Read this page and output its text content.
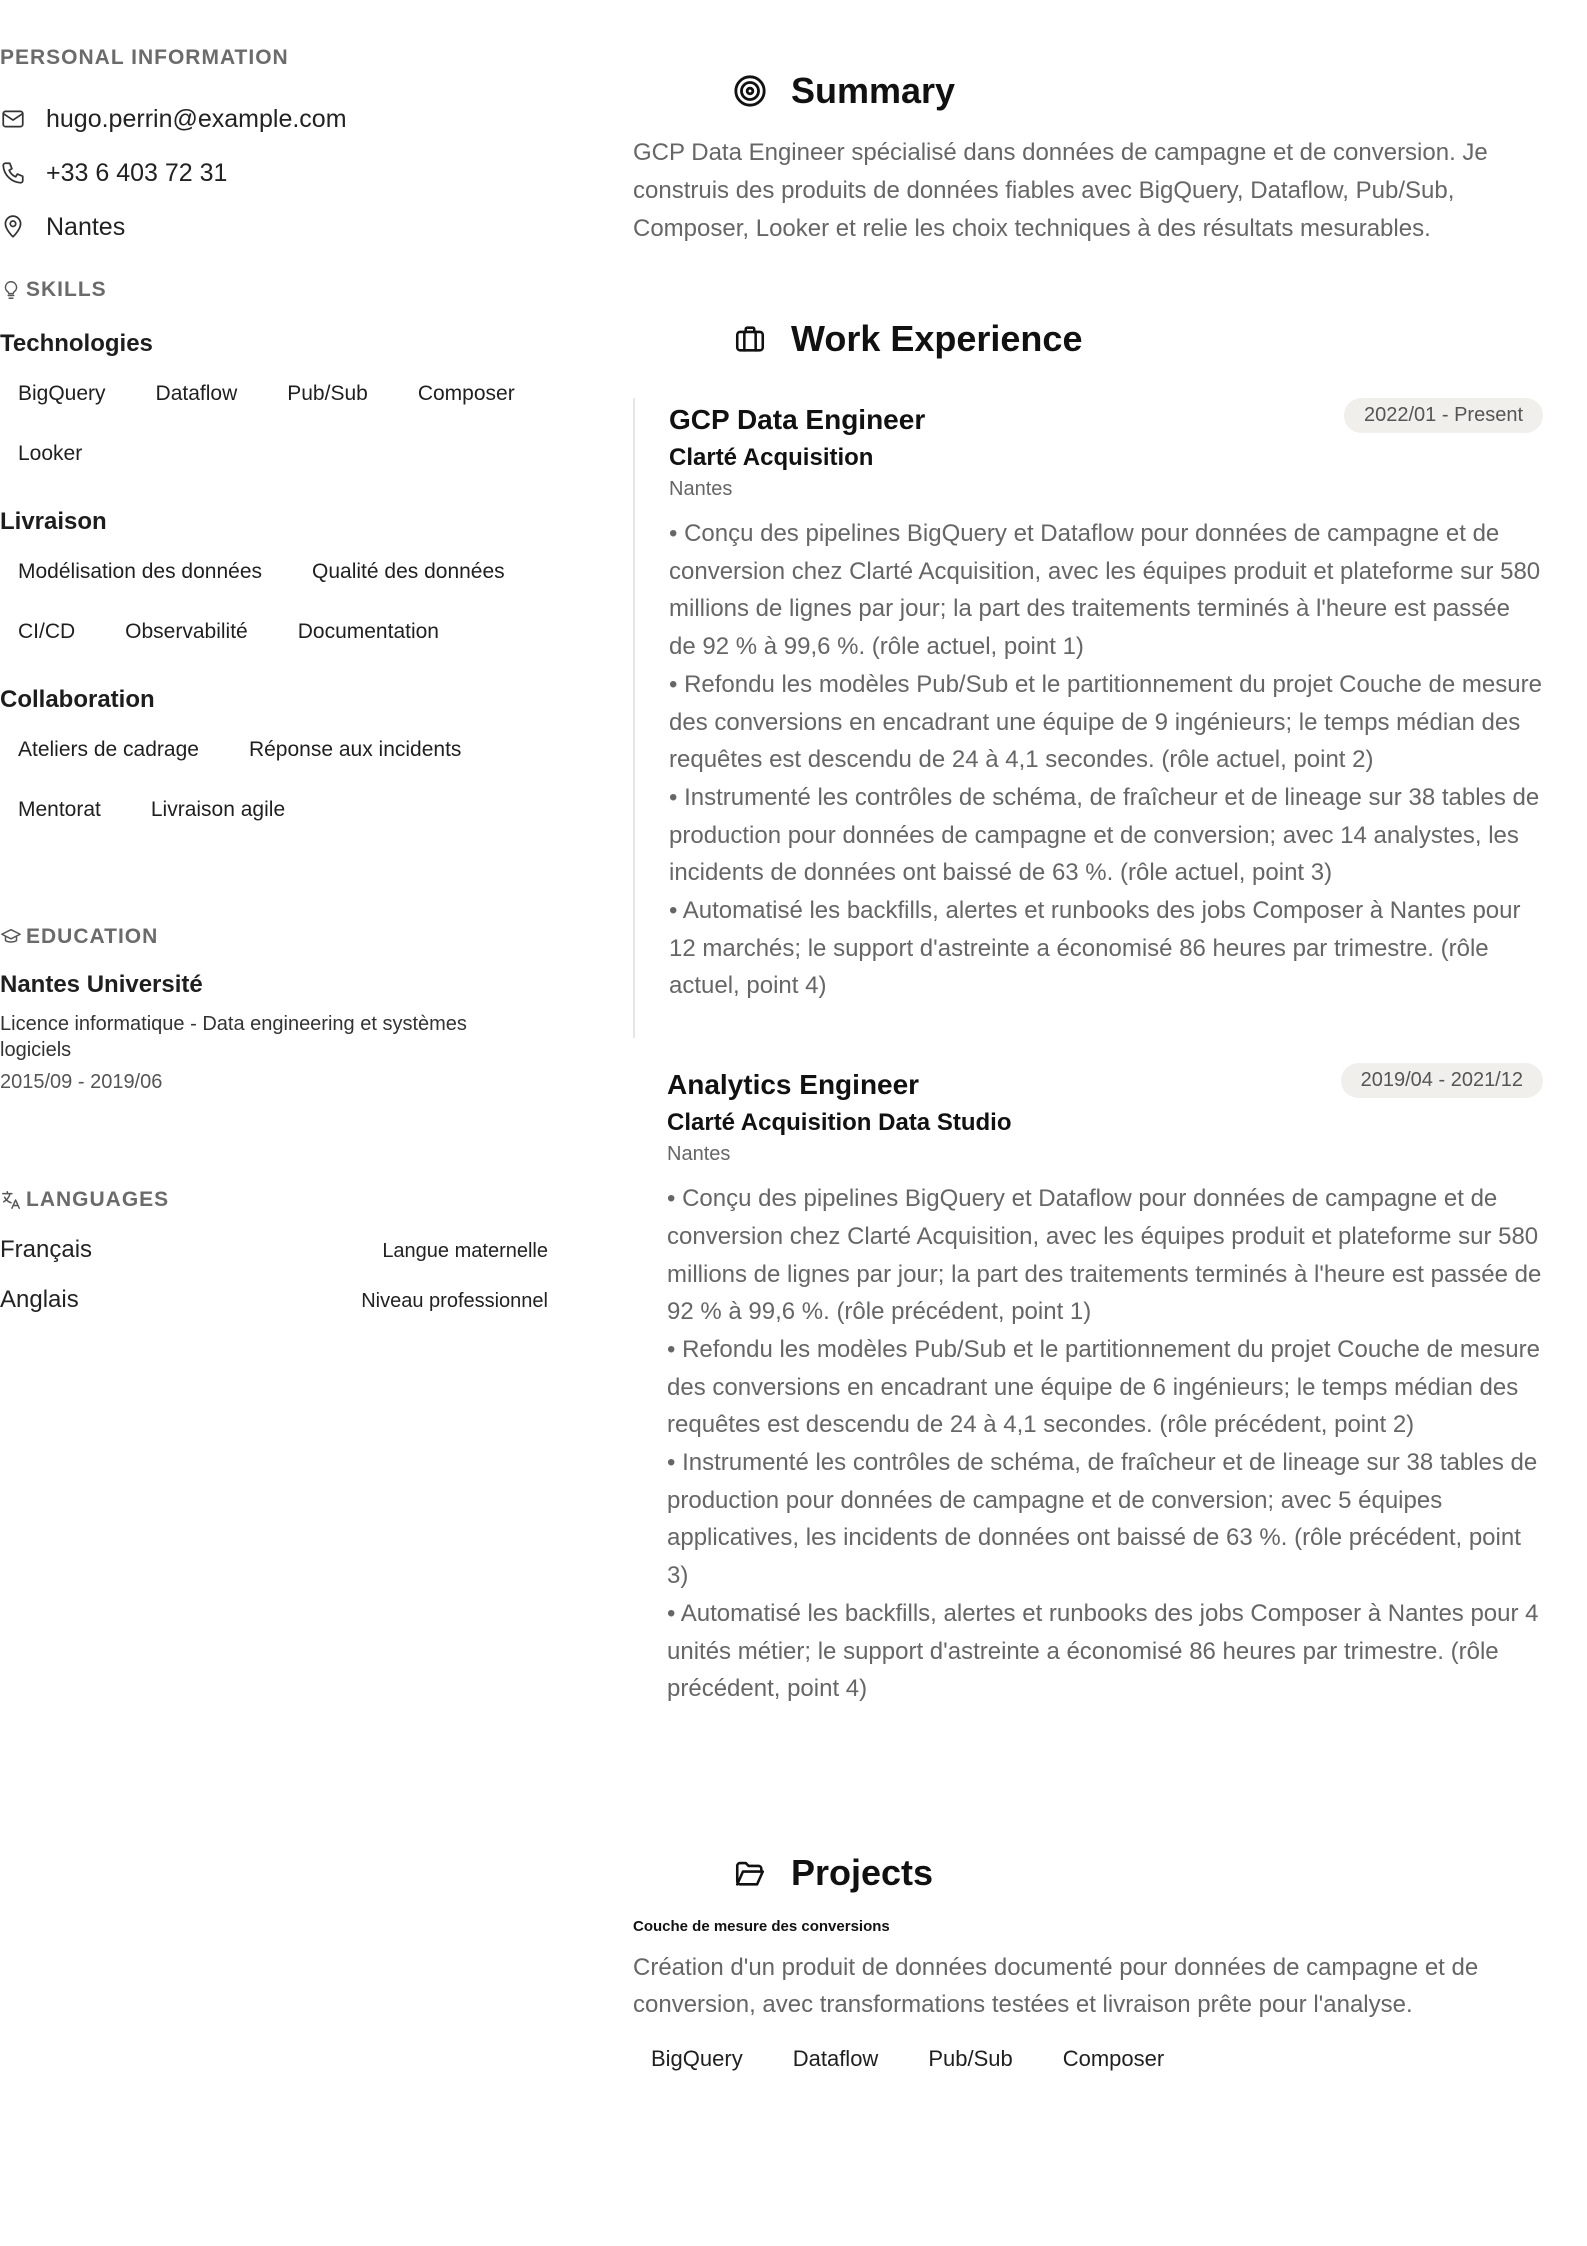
PERSONAL INFORMATION
hugo.perrin@example.com
+33 6 403 72 31
Nantes
SKILLS
Technologies
BigQuery	Dataflow	Pub/Sub	Composer
Looker
Livraison
Modélisation des données	Qualité des données
CI/CD	Observabilité	Documentation
Collaboration
Ateliers de cadrage	Réponse aux incidents
Mentorat	Livraison agile
EDUCATION
Nantes Université
Licence informatique - Data engineering et systèmes logiciels
2015/09 - 2019/06
LANGUAGES
Français	Langue maternelle
Anglais	Niveau professionnel
Summary
GCP Data Engineer spécialisé dans données de campagne et de conversion. Je construis des produits de données fiables avec BigQuery, Dataflow, Pub/Sub, Composer, Looker et relie les choix techniques à des résultats mesurables.
Work Experience
GCP Data Engineer	2022/01 - Present
Clarté Acquisition
Nantes
• Conçu des pipelines BigQuery et Dataflow pour données de campagne et de conversion chez Clarté Acquisition, avec les équipes produit et plateforme sur 580 millions de lignes par jour; la part des traitements terminés à l'heure est passée de 92 % à 99,6 %. (rôle actuel, point 1)
• Refondu les modèles Pub/Sub et le partitionnement du projet Couche de mesure des conversions en encadrant une équipe de 9 ingénieurs; le temps médian des requêtes est descendu de 24 à 4,1 secondes. (rôle actuel, point 2)
• Instrumenté les contrôles de schéma, de fraîcheur et de lineage sur 38 tables de production pour données de campagne et de conversion; avec 14 analystes, les incidents de données ont baissé de 63 %. (rôle actuel, point 3)
• Automatisé les backfills, alertes et runbooks des jobs Composer à Nantes pour 12 marchés; le support d'astreinte a économisé 86 heures par trimestre. (rôle actuel, point 4)
Analytics Engineer	2019/04 - 2021/12
Clarté Acquisition Data Studio
Nantes
• Conçu des pipelines BigQuery et Dataflow pour données de campagne et de conversion chez Clarté Acquisition, avec les équipes produit et plateforme sur 580 millions de lignes par jour; la part des traitements terminés à l'heure est passée de 92 % à 99,6 %. (rôle précédent, point 1)
• Refondu les modèles Pub/Sub et le partitionnement du projet Couche de mesure des conversions en encadrant une équipe de 6 ingénieurs; le temps médian des requêtes est descendu de 24 à 4,1 secondes. (rôle précédent, point 2)
• Instrumenté les contrôles de schéma, de fraîcheur et de lineage sur 38 tables de production pour données de campagne et de conversion; avec 5 équipes applicatives, les incidents de données ont baissé de 63 %. (rôle précédent, point 3)
• Automatisé les backfills, alertes et runbooks des jobs Composer à Nantes pour 4 unités métier; le support d'astreinte a économisé 86 heures par trimestre. (rôle précédent, point 4)
Projects
Couche de mesure des conversions
Création d'un produit de données documenté pour données de campagne et de conversion, avec transformations testées et livraison prête pour l'analyse.
BigQuery	Dataflow	Pub/Sub	Composer
